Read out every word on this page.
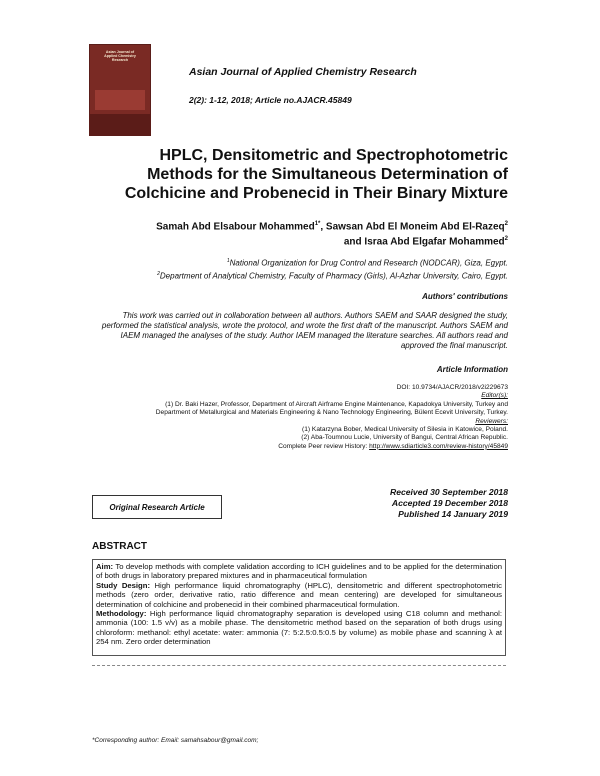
Asian Journal of
Applied Chemistry
Research
Asian Journal of Applied Chemistry Research
2(2): 1-12, 2018; Article no.AJACR.45849
HPLC, Densitometric and Spectrophotometric
Methods for the Simultaneous Determination of
Colchicine and Probenecid in Their Binary Mixture
Samah Abd Elsabour Mohammed$^{1*}$, Sawsan Abd El Moneim Abd El-Razeq$^2$
and Israa Abd Elgafar Mohammed$^2$
$^1$National Organization for Drug Control and Research (NODCAR), Giza, Egypt.
$^2$Department of Analytical Chemistry, Faculty of Pharmacy (Girls), Al-Azhar University, Cairo, Egypt.
Authors' contributions
This work was carried out in collaboration between all authors. Authors SAEM and SAAR designed the study, performed the statistical analysis, wrote the protocol, and wrote the first draft of the manuscript. Authors SAEM and IAEM managed the analyses of the study. Author IAEM managed the literature searches. All authors read and approved the final manuscript.
Article Information
DOI: 10.9734/AJACR/2018/v2i229673
Editor(s):
(1) Dr. Baki Hazer, Professor, Department of Aircraft Airframe Engine Maintenance, Kapadokya University, Turkey and
Department of Metallurgical and Materials Engineering & Nano Technology Engineering, Bülent Ecevit University, Turkey.
Reviewers:
(1) Katarzyna Bober, Medical University of Silesia in Katowice, Poland.
(2) Aba-Toumnou Lucie, University of Bangui, Central African Republic.
Complete Peer review History: http://www.sdiarticle3.com/review-history/45849
Received 30 September 2018
Accepted 19 December 2018
Published 14 January 2019
Original Research Article
ABSTRACT

Aim: To develop methods with complete validation according to ICH guidelines and to be applied for the determination of both drugs in laboratory prepared mixtures and in pharmaceutical formulation

Study Design: High performance liquid chromatography (HPLC), densitometric and different spectrophotometric methods (zero order, derivative ratio, ratio difference and mean centering) are developed for simultaneous determination of colchicine and probenecid in their combined pharmaceutical formulation.

Methodology: High performance liquid chromatography separation is developed using C18 column and methanol: ammonia (100: 1.5 v/v) as a mobile phase. The densitometric method based on the separation of both drugs using chloroform: methanol: ethyl acetate: water: ammonia (7: 5:2.5:0.5:0.5 by volume) as mobile phase and scanning λ at 254 nm. Zero order determination

*Corresponding author: Email: samahsabour@gmail.com;
